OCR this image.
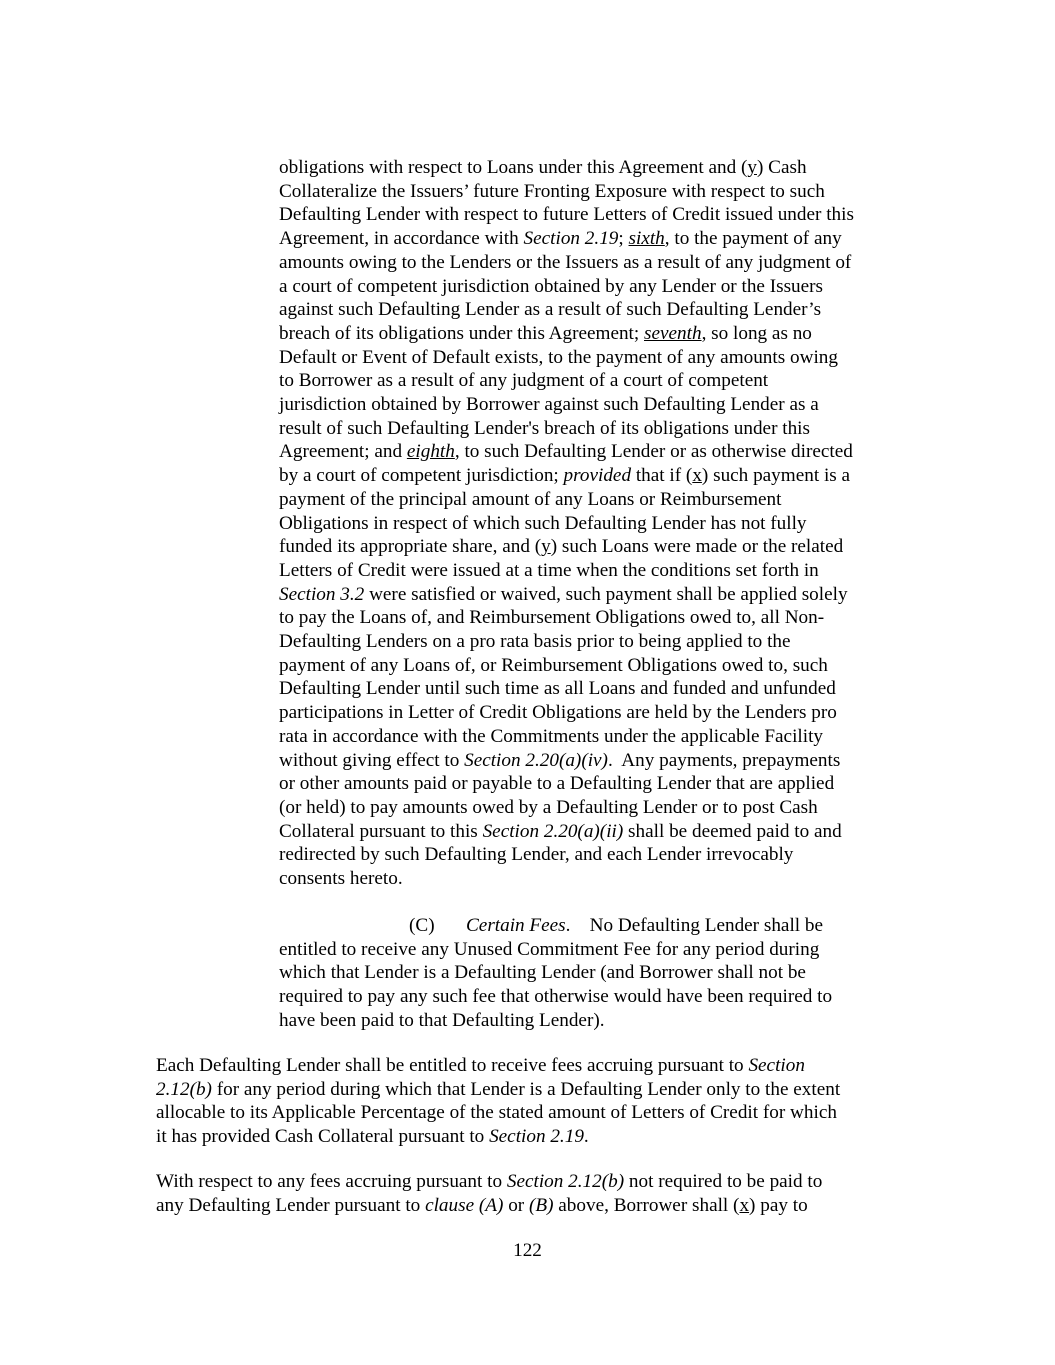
obligations with respect to Loans under this Agreement and (y) Cash
Collateralize the Issuers’ future Fronting Exposure with respect to such
Defaulting Lender with respect to future Letters of Credit issued under this
Agreement, in accordance with Section 2.19; sixth, to the payment of any
amounts owing to the Lenders or the Issuers as a result of any judgment of
a court of competent jurisdiction obtained by any Lender or the Issuers
against such Defaulting Lender as a result of such Defaulting Lender’s
breach of its obligations under this Agreement; seventh, so long as no
Default or Event of Default exists, to the payment of any amounts owing
to Borrower as a result of any judgment of a court of competent
jurisdiction obtained by Borrower against such Defaulting Lender as a
result of such Defaulting Lender's breach of its obligations under this
Agreement; and eighth, to such Defaulting Lender or as otherwise directed
by a court of competent jurisdiction; provided that if (x) such payment is a
payment of the principal amount of any Loans or Reimbursement
Obligations in respect of which such Defaulting Lender has not fully
funded its appropriate share, and (y) such Loans were made or the related
Letters of Credit were issued at a time when the conditions set forth in
Section 3.2 were satisfied or waived, such payment shall be applied solely
to pay the Loans of, and Reimbursement Obligations owed to, all Non-
Defaulting Lenders on a pro rata basis prior to being applied to the
payment of any Loans of, or Reimbursement Obligations owed to, such
Defaulting Lender until such time as all Loans and funded and unfunded
participations in Letter of Credit Obligations are held by the Lenders pro
rata in accordance with the Commitments under the applicable Facility
without giving effect to Section 2.20(a)(iv).  Any payments, prepayments
or other amounts paid or payable to a Defaulting Lender that are applied
(or held) to pay amounts owed by a Defaulting Lender or to post Cash
Collateral pursuant to this Section 2.20(a)(ii) shall be deemed paid to and
redirected by such Defaulting Lender, and each Lender irrevocably
consents hereto.
(C) Certain Fees.    No Defaulting Lender shall be
entitled to receive any Unused Commitment Fee for any period during
which that Lender is a Defaulting Lender (and Borrower shall not be
required to pay any such fee that otherwise would have been required to
have been paid to that Defaulting Lender).
Each Defaulting Lender shall be entitled to receive fees accruing pursuant to Section
2.12(b) for any period during which that Lender is a Defaulting Lender only to the extent
allocable to its Applicable Percentage of the stated amount of Letters of Credit for which
it has provided Cash Collateral pursuant to Section 2.19.
With respect to any fees accruing pursuant to Section 2.12(b) not required to be paid to
any Defaulting Lender pursuant to clause (A) or (B) above, Borrower shall (x) pay to
122
